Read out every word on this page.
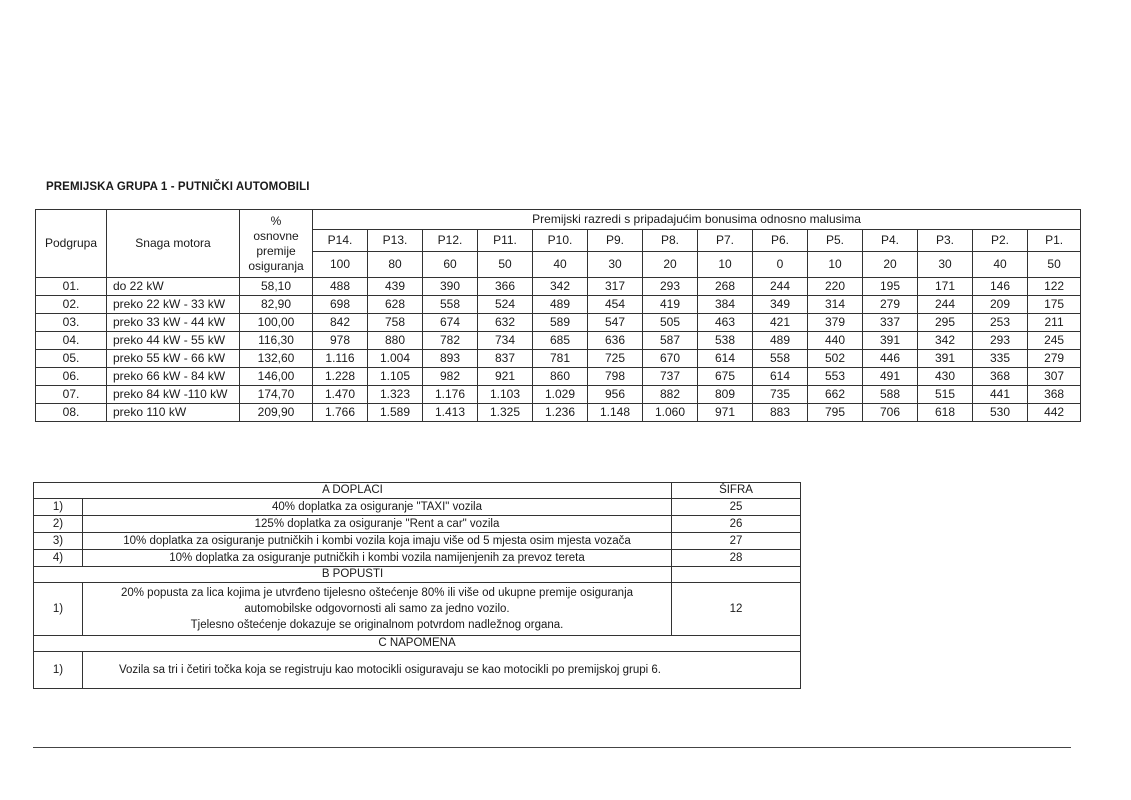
PREMIJSKA GRUPA 1 - PUTNIČKI AUTOMOBILI
Podgrupa	Snaga motora	%
osnovne
premije
osiguranja	Premijski razredi s pripadajućim bonusima odnosno malusima													
			P14.	P13.	P12.	P11.	P10.	P9.	P8.	P7.	P6.	P5.	P4.	P3.	P2.	P1.
			100	80	60	50	40	30	20	10	0	10	20	30	40	50
01.	do 22 kW	58,10	488	439	390	366	342	317	293	268	244	220	195	171	146	122
02.	preko 22 kW - 33 kW	82,90	698	628	558	524	489	454	419	384	349	314	279	244	209	175
03.	preko 33 kW - 44 kW	100,00	842	758	674	632	589	547	505	463	421	379	337	295	253	211
04.	preko 44 kW - 55 kW	116,30	978	880	782	734	685	636	587	538	489	440	391	342	293	245
05.	preko 55 kW - 66 kW	132,60	1.116	1.004	893	837	781	725	670	614	558	502	446	391	335	279
06.	preko 66 kW - 84 kW	146,00	1.228	1.105	982	921	860	798	737	675	614	553	491	430	368	307
07.	preko 84 kW -110 kW	174,70	1.470	1.323	1.176	1.103	1.029	956	882	809	735	662	588	515	441	368
08.	preko 110 kW	209,90	1.766	1.589	1.413	1.325	1.236	1.148	1.060	971	883	795	706	618	530	442
A DOPLACI		ŠIFRA
1)	40% doplatka za osiguranje "TAXI" vozila	25
2)	125% doplatka za osiguranje "Rent a car" vozila	26
3)	10% doplatka za osiguranje putničkih i kombi vozila koja imaju više od 5 mjesta osim mjesta vozača	27
4)	10% doplatka za osiguranje putničkih i kombi vozila namijenjenih za prevoz tereta	28
B POPUSTI		
1)	20% popusta za lica kojima je utvrđeno tijelesno oštećenje 80% ili više od ukupne premije osiguranja
automobilske odgovornosti ali samo za jedno vozilo.
Tjelesno oštećenje dokazuje se originalnom potvrdom nadležnog organa.	12
C NAPOMENA		
1)	Vozila sa tri i četiri točka koja se registruju kao motocikli osiguravaju se kao motocikli po premijskoj grupi 6.	
